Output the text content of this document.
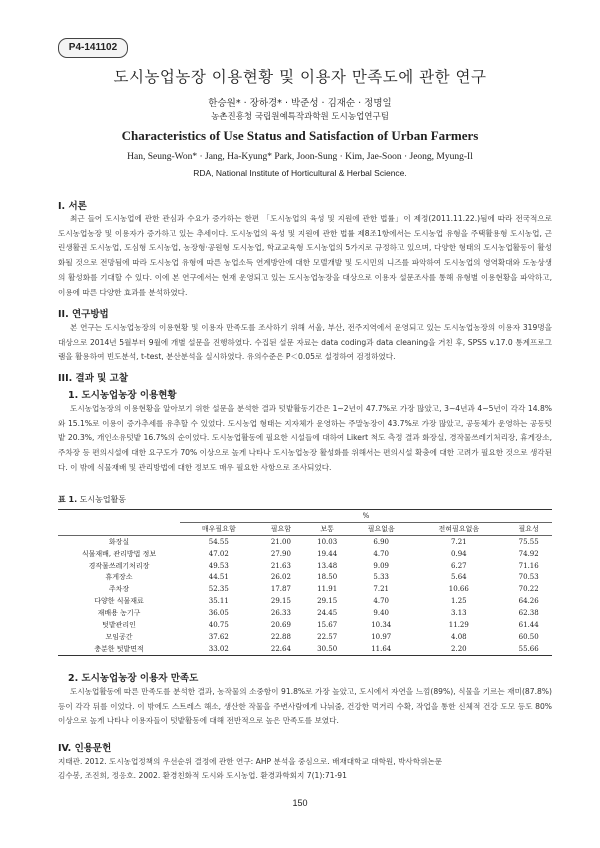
P4-141102
도시농업농장 이용현황 및 이용자 만족도에 관한 연구
한승원* · 장하경* · 박준성 · 김재순 · 정명일
농촌진흥청 국립원예특작과학원 도시농업연구팀
Characteristics of Use Status and Satisfaction of Urban Farmers
Han, Seung-Won* · Jang, Ha-Kyung* Park, Joon-Sung · Kim, Jae-Soon · Jeong, Myung-Il
RDA, National Institute of Horticultural & Herbal Science.
I. 서론
최근 들어 도시농업에 관한 관심과 수요가 증가하는 한편 「도시농업의 육성 및 지원에 관한 법률」이 제정(2011.11.22.)됨에 따라 전국적으로 도시농업농장 및 이용자가 증가하고 있는 추세이다. 도시농업의 육성 및 지원에 관한 법률 제8조1항에서는 도시농업 유형을 주택활용형 도시농업, 근린생활권 도시농업, 도심형 도시농업, 농장형·공원형 도시농업, 학교교육형 도시농업의 5가지로 규정하고 있으며, 다양한 형태의 도시농업활동이 활성화될 것으로 전망됨에 따라 도시농업 유형에 따른 농업소득 연계방안에 대한 모델개발 및 도시민의 니즈를 파악하여 도시농업의 영역확대와 도농상생의 활성화를 기대할 수 있다. 이에 본 연구에서는 현재 운영되고 있는 도시농업농장을 대상으로 이용자 설문조사를 통해 유형별 이용현황을 파악하고, 이용에 따른 다양한 효과를 분석하였다.
II. 연구방법
본 연구는 도시농업농장의 이용현황 및 이용자 만족도를 조사하기 위해 서울, 부산, 전주지역에서 운영되고 있는 도시농업농장의 이용자 319명을 대상으로 2014년 5월부터 9월에 개별 설문을 진행하였다. 수집된 설문 자료는 data coding과 data cleaning을 거친 후, SPSS v.17.0 통계프로그램을 활용하여 빈도분석, t-test, 분산분석을 실시하였다. 유의수준은 P＜0.05로 설정하여 검정하였다.
III. 결과 및 고찰
1. 도시농업농장 이용현황
도시농업농장의 이용현황을 알아보기 위한 설문을 분석한 결과 텃밭활동기간은 1~2년이 47.7%로 가장 많았고, 3~4년과 4~5년이 각각 14.8%와 15.1%로 이용이 증가추세를 유추할 수 있었다. 도시농업 형태는 지자체가 운영하는 주말농장이 43.7%로 가장 많았고, 공동체가 운영하는 공동텃밭 20.3%, 개인소유텃밭 16.7%의 순이었다. 도시농업활동에 필요한 시설들에 대하여 Likert 척도 측정 결과 화장실, 경작물쓰레기처리장, 휴게장소, 주차장 등 편의시설에 대한 요구도가 70% 이상으로 높게 나타나 도시농업농장 활성화를 위해서는 편의시설 확충에 대한 고려가 필요한 것으로 생각된다. 이 밖에 식물재배 및 관리방법에 대한 정보도 매우 필요한 사항으로 조사되었다.
표 1. 도시농업활동
	%					
	매우필요함	필요함	보통	필요없음	전혀필요없음	필요성
화장실	54.55	21.00	10.03	6.90	7.21	75.55
식물재배, 관리방법 정보	47.02	27.90	19.44	4.70	0.94	74.92
경작물쓰레기처리장	49.53	21.63	13.48	9.09	6.27	71.16
휴게장소	44.51	26.02	18.50	5.33	5.64	70.53
주차장	52.35	17.87	11.91	7.21	10.66	70.22
다양한 식물재료	35.11	29.15	29.15	4.70	1.25	64.26
재배용 농기구	36.05	26.33	24.45	9.40	3.13	62.38
텃밭관리인	40.75	20.69	15.67	10.34	11.29	61.44
모임공간	37.62	22.88	22.57	10.97	4.08	60.50
충분한 텃밭면적	33.02	22.64	30.50	11.64	2.20	55.66
2. 도시농업농장 이용자 만족도
도시농업활동에 따른 만족도를 분석한 결과, 농작물의 소중함이 91.8%로 가장 높았고, 도시에서 자연을 느낌(89%), 식물을 기르는 재미(87.8%) 등이 각각 뒤를 이었다. 이 밖에도 스트레스 해소, 생산한 작물을 주변사람에게 나눠줌, 건강한 먹거리 수확, 작업을 통한 신체적 건강 도모 등도 80% 이상으로 높게 나타나 이용자들이 텃밭활동에 대해 전반적으로 높은 만족도를 보였다.
IV. 인용문헌
지태관. 2012. 도시농업정책의 우선순위 결정에 관한 연구: AHP 분석을 중심으로. 배재대학교 대학원, 박사학위논문
김수봉, 조진희, 정응호. 2002. 환경친화적 도시와 도시농업. 환경과학회지 7(1):71-91
150
